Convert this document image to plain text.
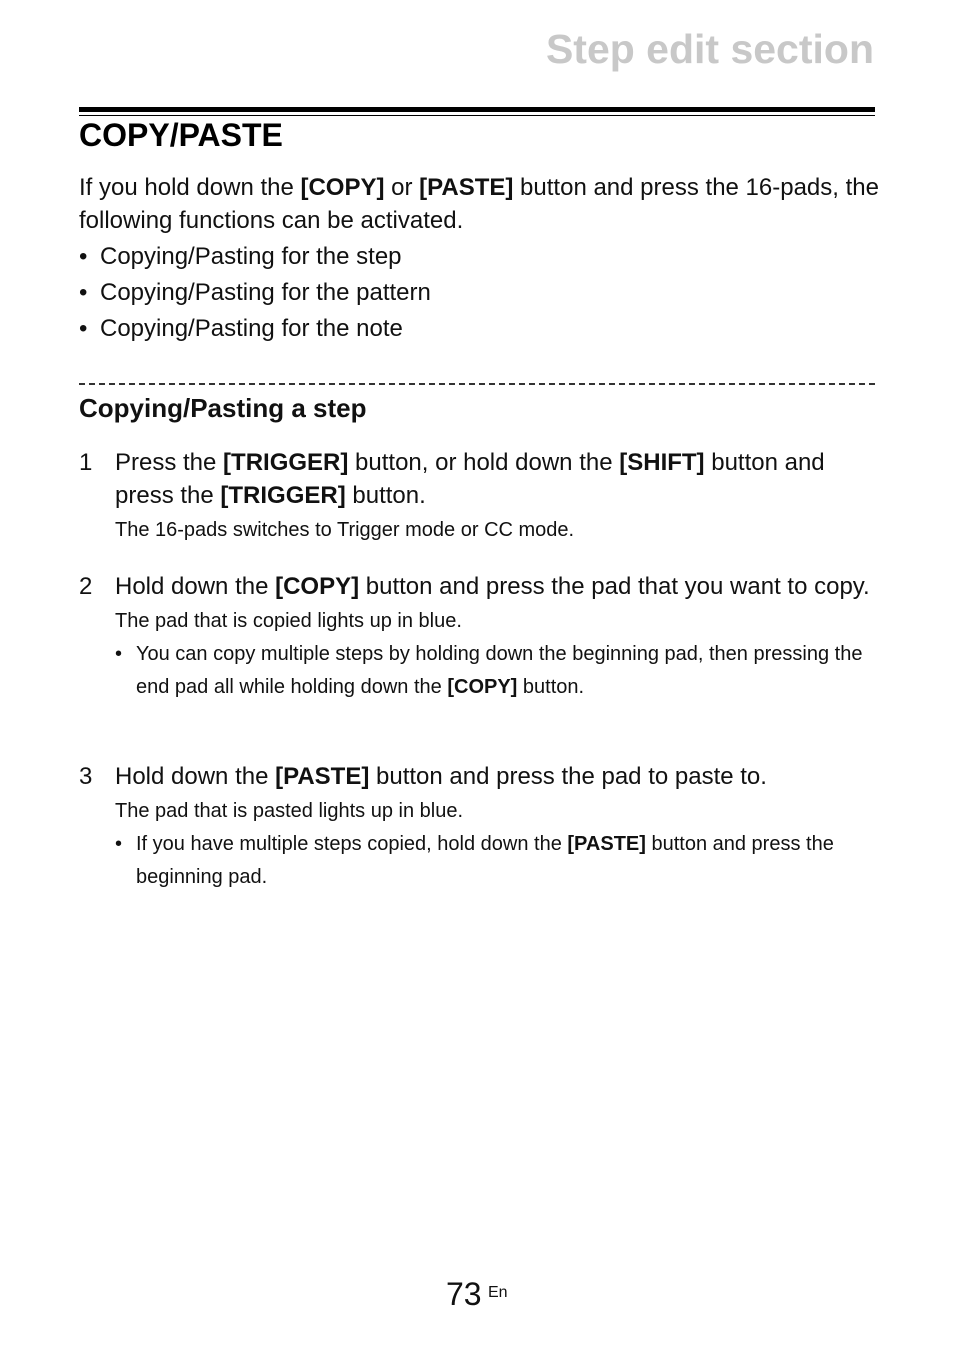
Step edit section
COPY/PASTE

If you hold down the [COPY] or [PASTE] button and press the 16-pads, the following functions can be activated.

• Copying/Pasting for the step
• Copying/Pasting for the pattern
• Copying/Pasting for the note
Copying/Pasting a step
1 Press the [TRIGGER] button, or hold down the [SHIFT] button and press the [TRIGGER] button.

The 16-pads switches to Trigger mode or CC mode.

2 Hold down the [COPY] button and press the pad that you want to copy.

The pad that is copied lights up in blue.

• You can copy multiple steps by holding down the beginning pad, then pressing the end pad all while holding down the [COPY] button.

3 Hold down the [PASTE] button and press the pad to paste to.

The pad that is pasted lights up in blue.

• If you have multiple steps copied, hold down the [PASTE] button and press the beginning pad.

73 En
